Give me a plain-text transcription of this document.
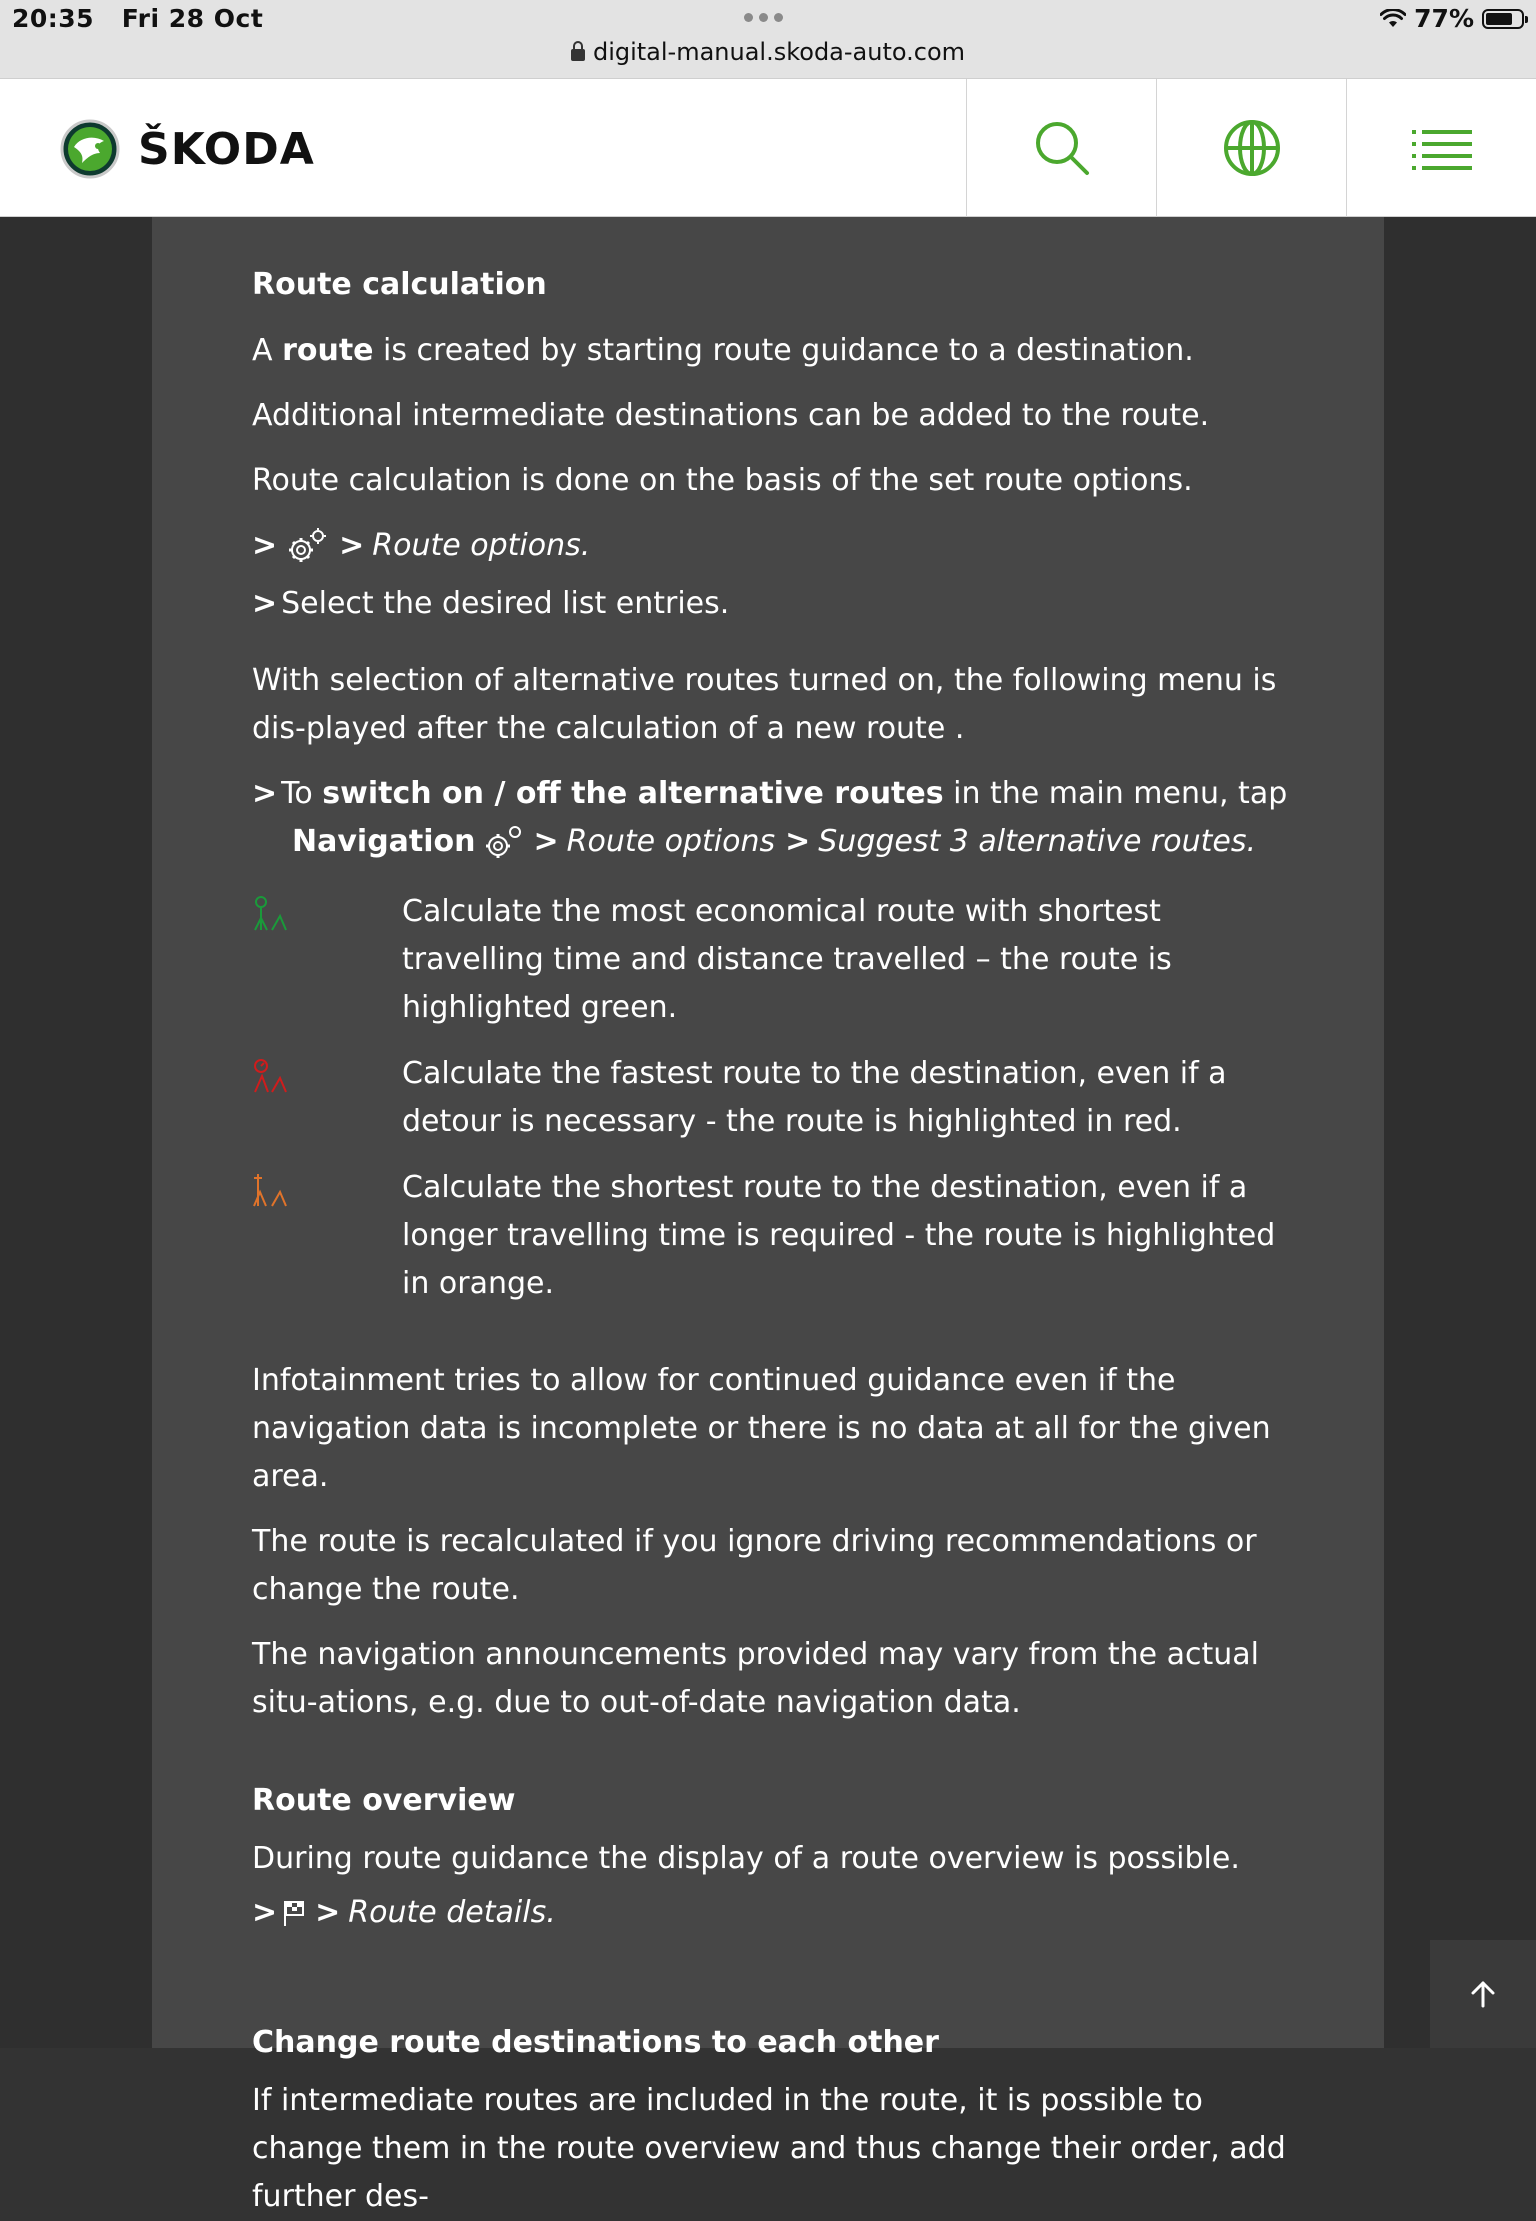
20:35 Fri 28 Oct	77%
digital-manual.skoda-auto.com
ŠKODA
Route calculation

A route is created by starting route guidance to a destination.

Additional intermediate destinations can be added to the route.

Route calculation is done on the basis of the set route options.

> > Route options.
> Select the desired list entries.

With selection of alternative routes turned on, the following menu is dis-played after the calculation of a new route .

> To switch on / off the alternative routes in the main menu, tap
Navigation > Route options > Suggest 3 alternative routes.
Calculate the most economical route with shortest travelling time and distance travelled – the route is highlighted green.
Calculate the fastest route to the destination, even if a detour is necessary - the route is highlighted in red.
Calculate the shortest route to the destination, even if a longer travelling time is required - the route is highlighted in orange.

Infotainment tries to allow for continued guidance even if the navigation data is incomplete or there is no data at all for the given area.

The route is recalculated if you ignore driving recommendations or change the route.

The navigation announcements provided may vary from the actual situ-ations, e.g. due to out-of-date navigation data.

Route overview

During route guidance the display of a route overview is possible.

> > Route details.
Change route destinations to each other

If intermediate routes are included in the route, it is possible to change them in the route overview and thus change their order, add further des-
